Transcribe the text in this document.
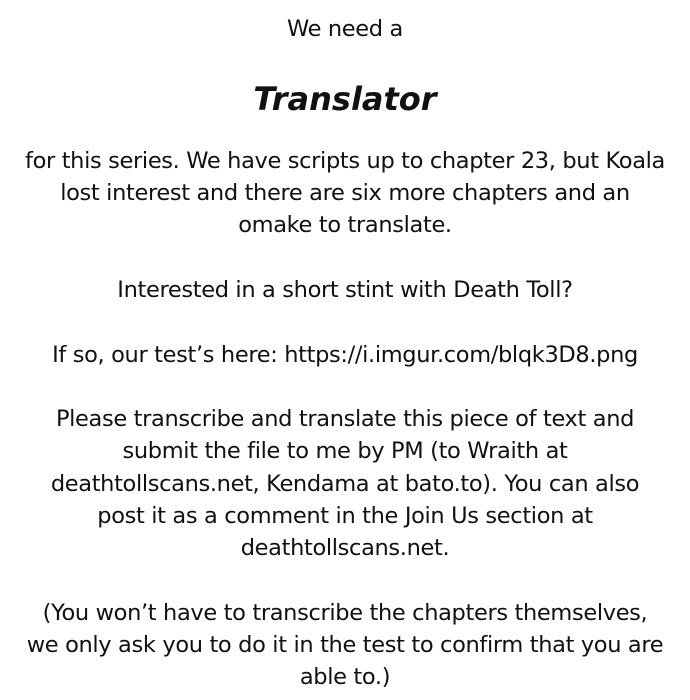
We need a
Translator
for this series. We have scripts up to chapter 23, but Koala
lost interest and there are six more chapters and an
omake to translate.
Interested in a short stint with Death Toll?
If so, our test’s here: https://i.imgur.com/blqk3D8.png
Please transcribe and translate this piece of text and
submit the file to me by PM (to Wraith at
deathtollscans.net, Kendama at bato.to). You can also
post it as a comment in the Join Us section at
deathtollscans.net.
(You won’t have to transcribe the chapters themselves,
we only ask you to do it in the test to confirm that you are
able to.)
